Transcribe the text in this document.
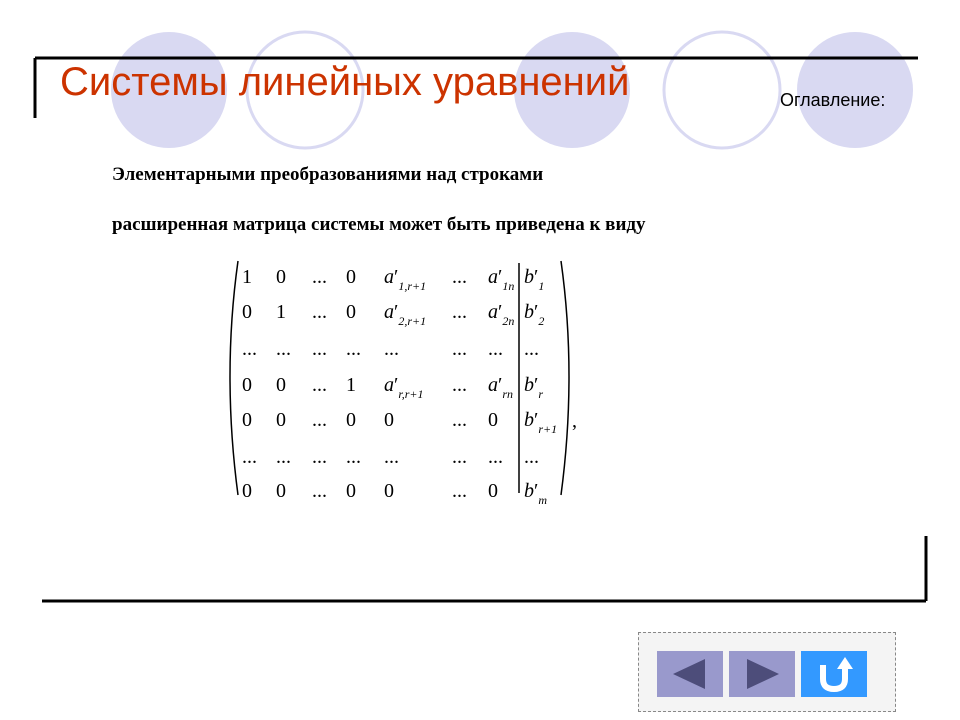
Системы линейных уравнений	Оглавление:
Элементарными преобразованиями над строками
расширенная матрица системы может быть приведена к виду
1 0 ... 0 $a'_{1,r+1}$ ... $a'_{1n}$ $b'_1$
0 1 ... 0 $a'_{2,r+1}$ ... $a'_{2n}$ $b'_2$
... ... ... ... ...	... ... ...
0 0 ... 1 $a'_{r,r+1}$ ... $a'_{rn}$ $b'_r$
0 0 ... 0 0	... 0 $b'_{r+1}$
... ... ... ... ...	... ... ...
0 0 ... 0 0	... 0 $b'_m$
,
